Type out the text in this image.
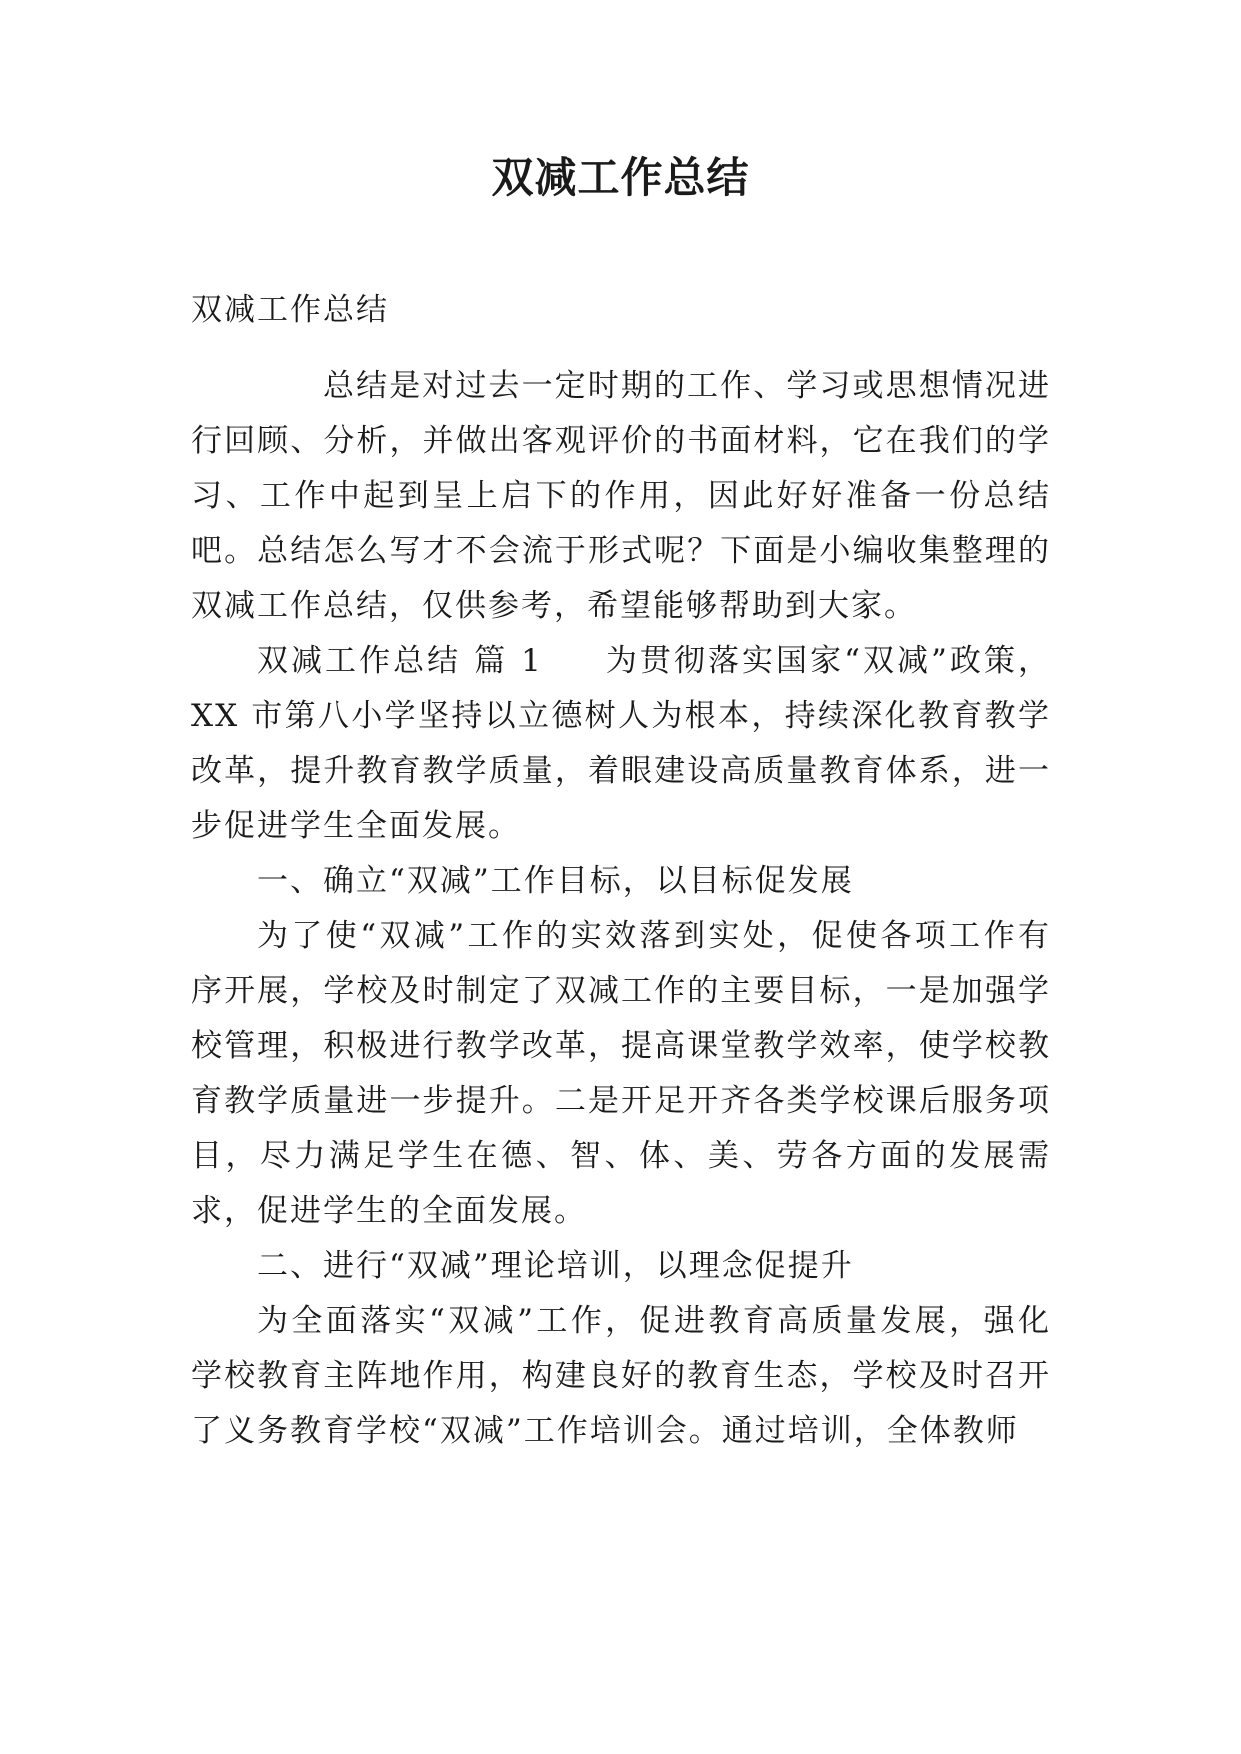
双减工作总结

双减工作总结

总结是对过去一定时期的工作、学习或思想情况进行回顾、分析，并做出客观评价的书面材料，它在我们的学习、工作中起到呈上启下的作用，因此好好准备一份总结吧。总结怎么写才不会流于形式呢？下面是小编收集整理的双减工作总结，仅供参考，希望能够帮助到大家。

双减工作总结 篇 1 为贯彻落实国家“双减”政策，XX 市第八小学坚持以立德树人为根本，持续深化教育教学改革，提升教育教学质量，着眼建设高质量教育体系，进一步促进学生全面发展。

一、确立“双减”工作目标，以目标促发展

为了使“双减”工作的实效落到实处，促使各项工作有序开展，学校及时制定了双减工作的主要目标，一是加强学校管理，积极进行教学改革，提高课堂教学效率，使学校教育教学质量进一步提升。二是开足开齐各类学校课后服务项目，尽力满足学生在德、智、体、美、劳各方面的发展需求，促进学生的全面发展。

二、进行“双减”理论培训，以理念促提升

为全面落实“双减”工作，促进教育高质量发展，强化学校教育主阵地作用，构建良好的教育生态，学校及时召开了义务教育学校“双减”工作培训会。通过培训，全体教师
